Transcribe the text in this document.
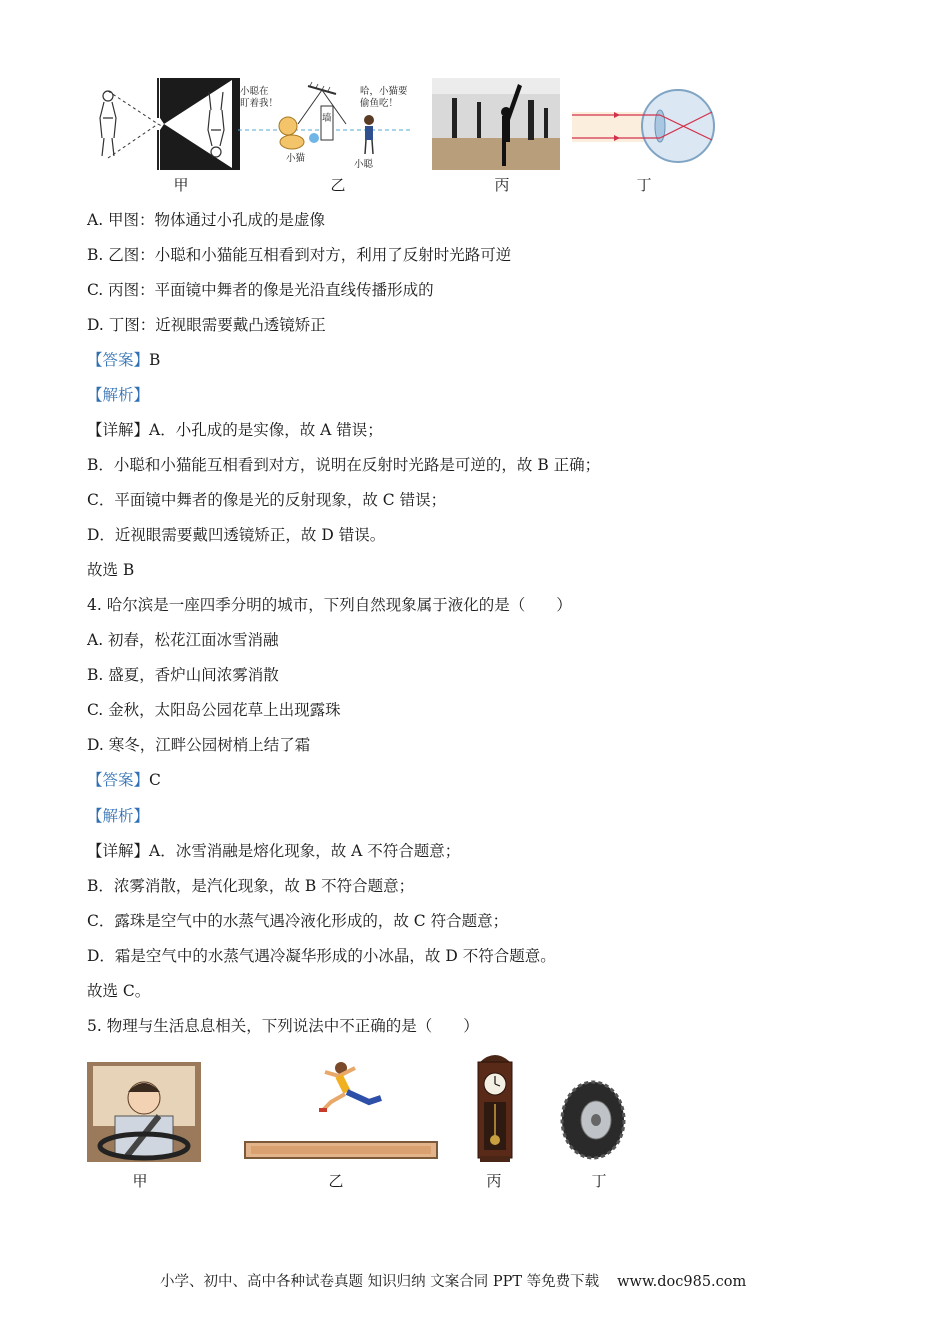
小聪在
盯着我！
哈，小猫要
偷鱼吃！
墙
小猫
小聪
甲	乙	丙	丁
A. 甲图：物体通过小孔成的是虚像
B. 乙图：小聪和小猫能互相看到对方，利用了反射时光路可逆
C. 丙图：平面镜中舞者的像是光沿直线传播形成的
D. 丁图：近视眼需要戴凸透镜矫正
【答案】B
【解析】
【详解】A．小孔成的是实像，故 A 错误；
B．小聪和小猫能互相看到对方，说明在反射时光路是可逆的，故 B 正确；
C．平面镜中舞者的像是光的反射现象，故 C 错误；
D．近视眼需要戴凹透镜矫正，故 D 错误。
故选 B
4. 哈尔滨是一座四季分明的城市，下列自然现象属于液化的是（　　）
A. 初春，松花江面冰雪消融
B. 盛夏，香炉山间浓雾消散
C. 金秋，太阳岛公园花草上出现露珠
D. 寒冬，江畔公园树梢上结了霜
【答案】C
【解析】
【详解】A．冰雪消融是熔化现象，故 A 不符合题意；
B．浓雾消散，是汽化现象，故 B 不符合题意；
C．露珠是空气中的水蒸气遇冷液化形成的，故 C 符合题意；
D．霜是空气中的水蒸气遇冷凝华形成的小冰晶，故 D 不符合题意。
故选 C。
5. 物理与生活息息相关，下列说法中不正确的是（　　）
甲	乙	丙	丁
小学、初中、高中各种试卷真题 知识归纳 文案合同 PPT 等免费下载 www.doc985.com
